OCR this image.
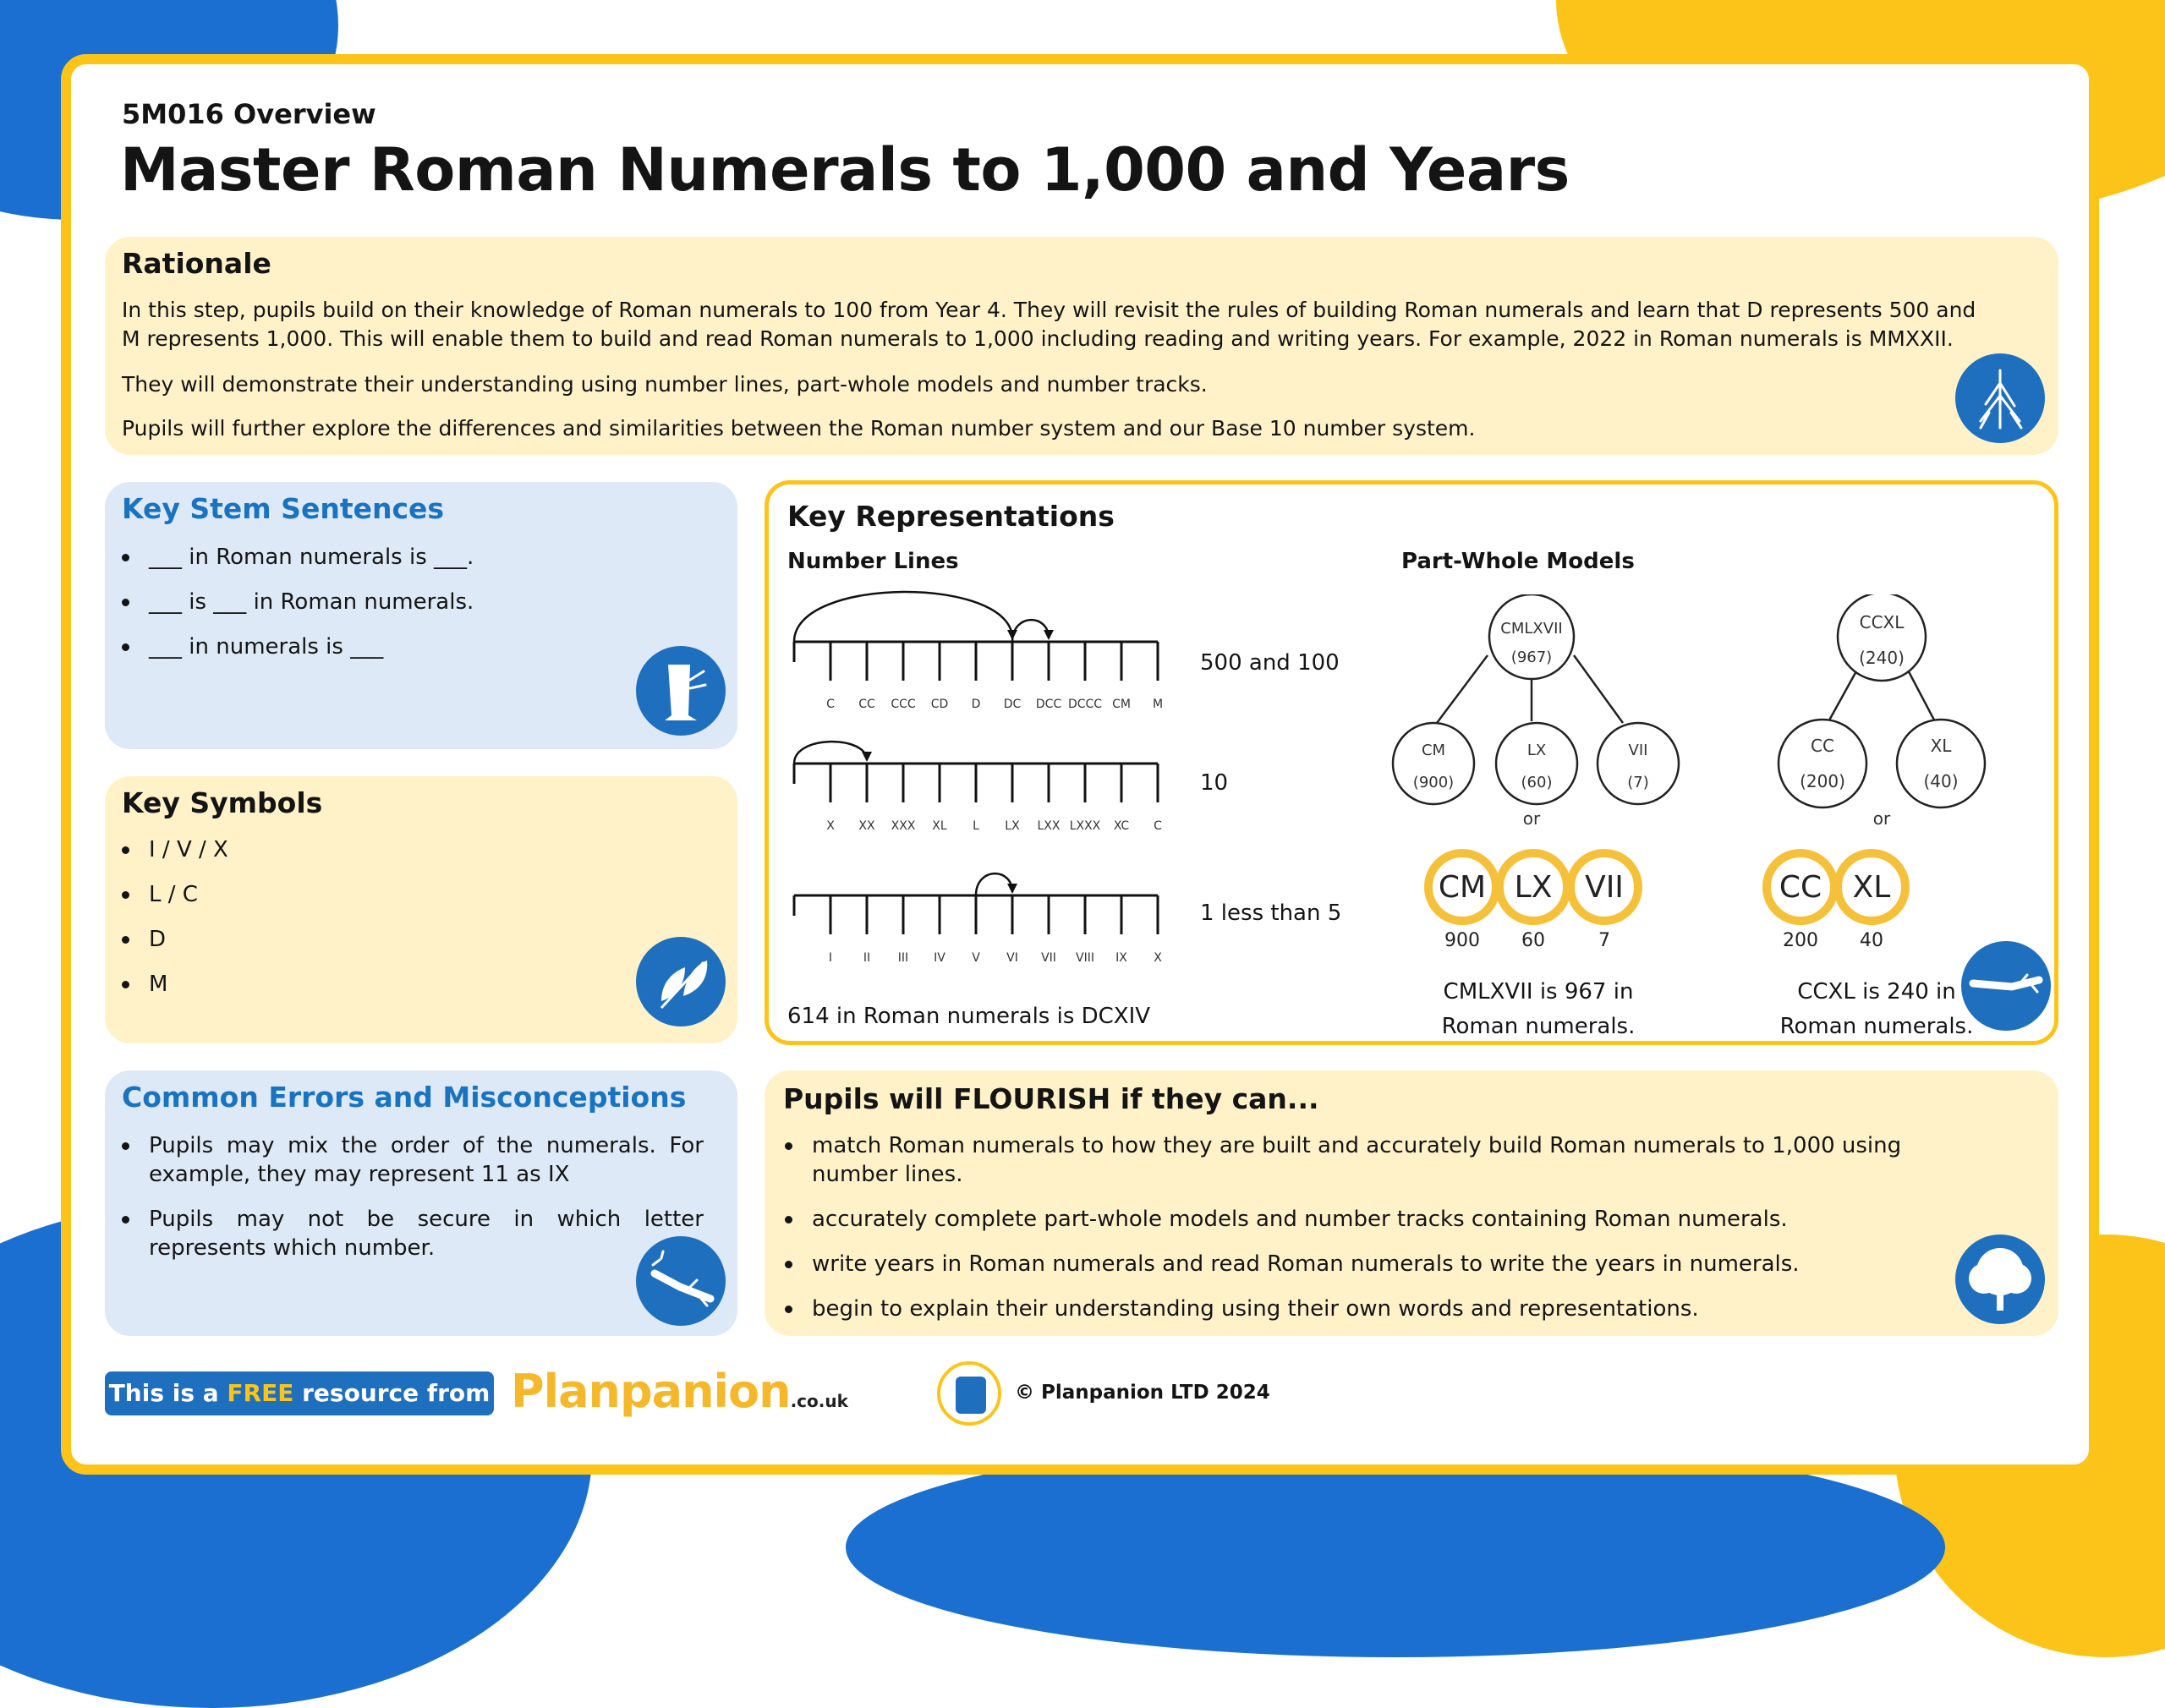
5M016 Overview
Master Roman Numerals to 1,000 and Years
Rationale

In this step, pupils build on their knowledge of Roman numerals to 100 from Year 4. They will revisit the rules of building Roman numerals and learn that D represents 500 and M represents 1,000. This will enable them to build and read Roman numerals to 1,000 including reading and writing years. For example, 2022 in Roman numerals is MMXXII.

They will demonstrate their understanding using number lines, part-whole models and number tracks.

Pupils will further explore the differences and similarities between the Roman number system and our Base 10 number system.

Key Stem Sentences
___ in Roman numerals is ___.
___ is ___ in Roman numerals.
___ in numerals is ___
Key Symbols
I / V / X
L / C
D
M
Common Errors and Misconceptions
Pupils may mix the order of the numerals. For example, they may represent 11 as IX
Pupils may not be secure in which letter represents which number.
Key Representations
Number Lines	Part-Whole Models
C CC CCC CD D DC DCC DCCC CM M
X XX XXX XL L LX LXX LXXX XC C
I	II III IV V VI VII VIII IX X
500 and 100
10
1 less than 5
614 in Roman numerals is DCXIV
CMLXVII
(967)
CM
(900)
LX
(60)
VII
(7)
or
CCXL
(240)
CC
(200)
XL
(40)
or
CM LX VII	CC XL
900 60	7	200 40
CMLXVII is 967 in
Roman numerals.
CCXL is 240 in
Roman numerals.
Pupils will FLOURISH if they can...
match Roman numerals to how they are built and accurately build Roman numerals to 1,000 using number lines.
accurately complete part-whole models and number tracks containing Roman numerals.
write years in Roman numerals and read Roman numerals to write the years in numerals.
begin to explain their understanding using their own words and representations.
This is a FREE resource from Planpanion.co.uk	© Planpanion LTD 2024
